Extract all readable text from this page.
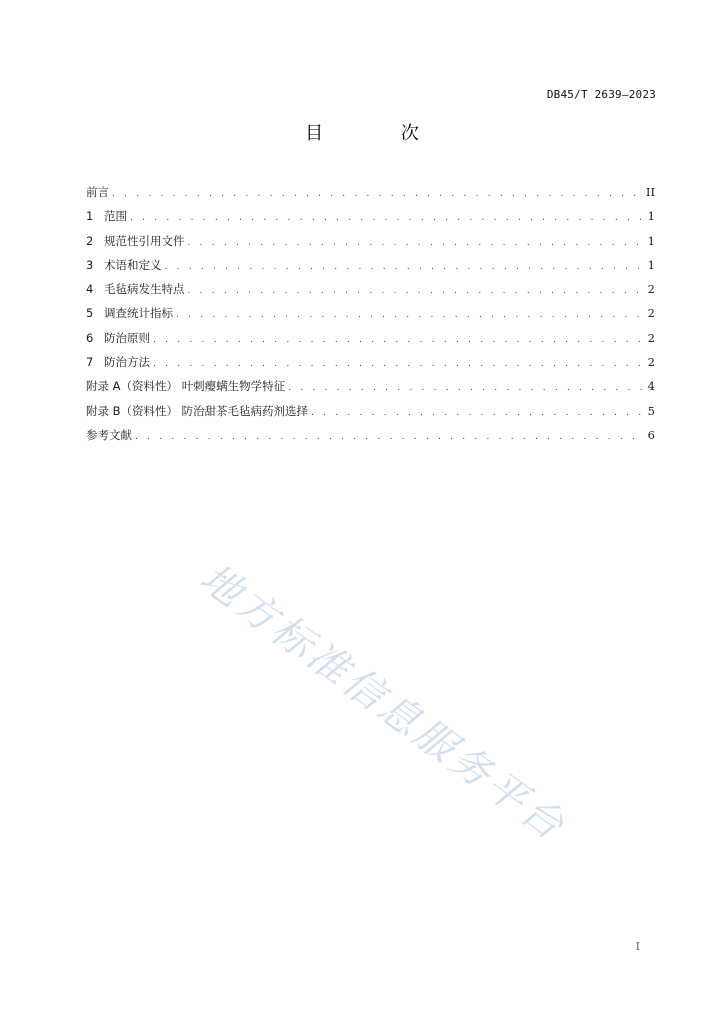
DB45/T 2639—2023
目 次
前言 . . .	II
1 范围 . . .	1
2 规范性引用文件 . . .	1
3 术语和定义 . . .	1
4 毛毡病发生特点 . . .	2
5 调查统计指标 . . .	2
6 防治原则 . . .	2
7 防治方法 . . .	2
附录 A（资料性） 叶刺瘿螨生物学特征 . . .	4
附录 B（资料性） 防治甜茶毛毡病药剂选择 . . .	5
参考文献 . . .	6
地方标准信息服务平台
I
